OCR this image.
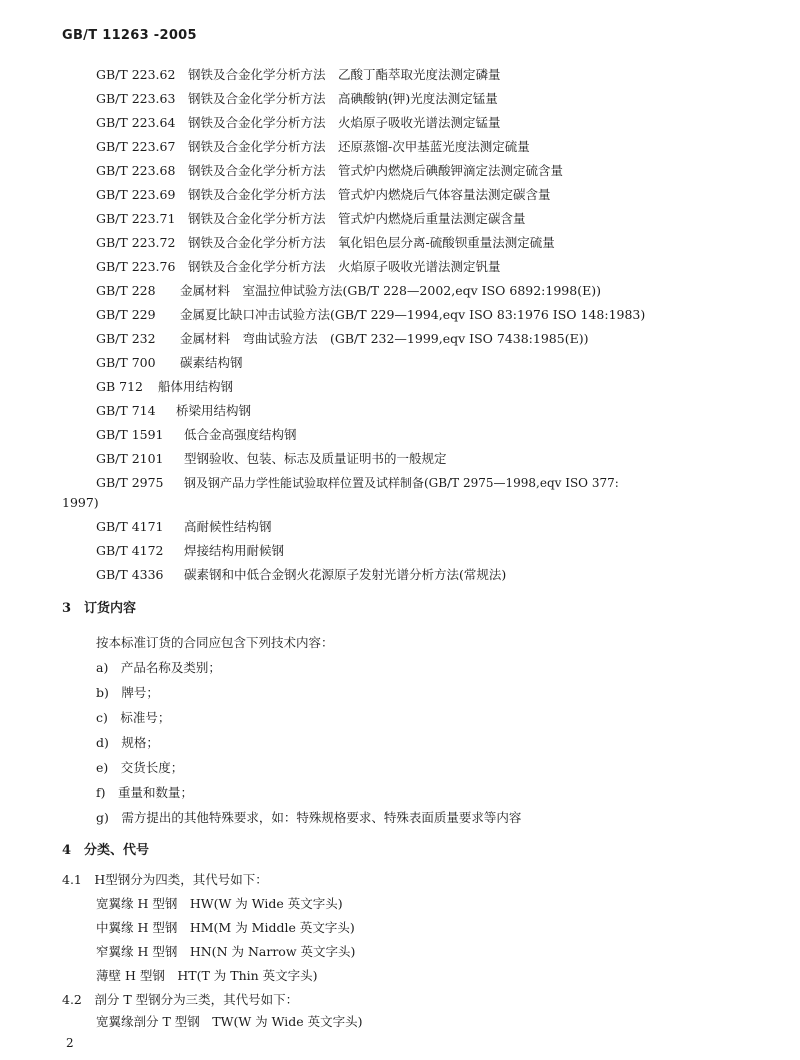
GB/T 11263 -2005
GB/T 223.62 钢铁及合金化学分析方法　乙酸丁酯萃取光度法测定磷量
GB/T 223.63 钢铁及合金化学分析方法　高碘酸钠(钾)光度法测定锰量
GB/T 223.64 钢铁及合金化学分析方法　火焰原子吸收光谱法测定锰量
GB/T 223.67 钢铁及合金化学分析方法　还原蒸馏-次甲基蓝光度法测定硫量
GB/T 223.68 钢铁及合金化学分析方法　管式炉内燃烧后碘酸钾滴定法测定硫含量
GB/T 223.69 钢铁及合金化学分析方法　管式炉内燃烧后气体容量法测定碳含量
GB/T 223.71 钢铁及合金化学分析方法　管式炉内燃烧后重量法测定碳含量
GB/T 223.72 钢铁及合金化学分析方法　氧化铝色层分离-硫酸钡重量法测定硫量
GB/T 223.76 钢铁及合金化学分析方法　火焰原子吸收光谱法测定钒量
GB/T 228 金属材料　室温拉伸试验方法(GB/T 228—2002,eqv ISO 6892:1998(E))
GB/T 229 金属夏比缺口冲击试验方法(GB/T 229—1994,eqv ISO 83:1976 ISO 148:1983)
GB/T 232 金属材料　弯曲试验方法　(GB/T 232—1999,eqv ISO 7438:1985(E))
GB/T 700 碳素结构钢
GB 712 船体用结构钢
GB/T 714 桥梁用结构钢
GB/T 1591 低合金高强度结构钢
GB/T 2101 型钢验收、包装、标志及质量证明书的一般规定
GB/T 2975 钢及钢产品力学性能试验取样位置及试样制备(GB/T 2975—1998,eqv ISO 377:
1997)
GB/T 4171 高耐候性结构钢
GB/T 4172 焊接结构用耐候钢
GB/T 4336 碳素钢和中低合金钢火花源原子发射光谱分析方法(常规法)
3　订货内容
按本标准订货的合同应包含下列技术内容：
a)　产品名称及类别；
b)　牌号；
c)　标准号；
d)　规格；
e)　交货长度；
f)　重量和数量；
g)　需方提出的其他特殊要求，如：特殊规格要求、特殊表面质量要求等内容
4　分类、代号
4.1　H型钢分为四类，其代号如下：
宽翼缘 H 型钢　HW(W 为 Wide 英文字头)
中翼缘 H 型钢　HM(M 为 Middle 英文字头)
窄翼缘 H 型钢　HN(N 为 Narrow 英文字头)
薄壁 H 型钢　HT(T 为 Thin 英文字头)
4.2　剖分 T 型钢分为三类，其代号如下：
宽翼缘剖分 T 型钢　TW(W 为 Wide 英文字头)
2
